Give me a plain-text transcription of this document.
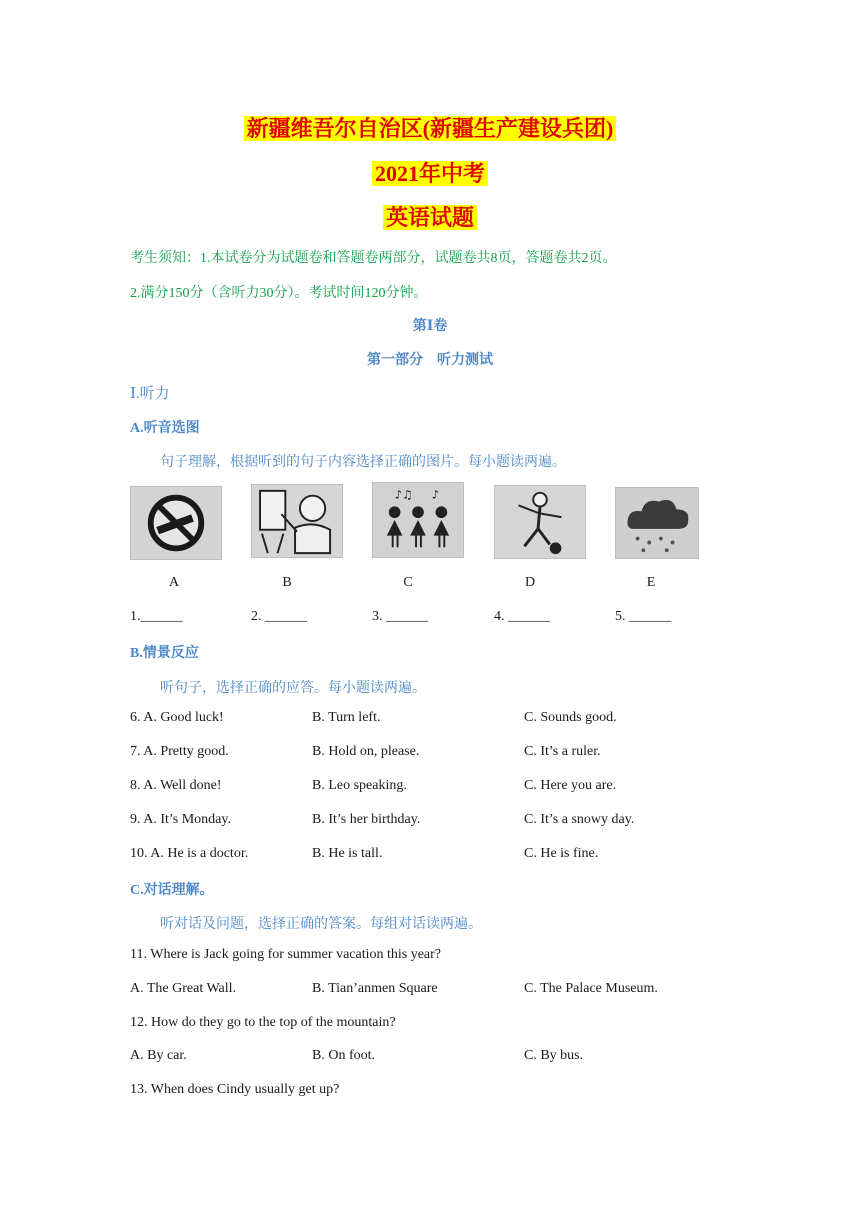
新疆维吾尔自治区(新疆生产建设兵团)
2021年中考
英语试题
考生须知：1.本试卷分为试题卷和答题卷两部分，试题卷共8页，答题卷共2页。
2.满分150分（含听力30分）。考试时间120分钟。
第Ⅰ卷
第一部分　听力测试
Ⅰ.听力
A.听音选图
句子理解，根据听到的句子内容选择正确的图片。每小题读两遍。
♪♫ ♪
A	B	C	D	E
1.______	2. ______	3. ______	4. ______	5. ______
B.情景反应
听句子，选择正确的应答。每小题读两遍。
6. A. Good luck!	B. Turn left.	C. Sounds good.
7. A. Pretty good.	B. Hold on, please.	C. It’s a ruler.
8. A. Well done!	B. Leo speaking.	C. Here you are.
9. A. It’s Monday.	B. It’s her birthday.	C. It’s a snowy day.
10. A. He is a doctor.	B. He is tall.	C. He is fine.
C.对话理解。
听对话及问题，选择正确的答案。每组对话读两遍。
11. Where is Jack going for summer vacation this year?
A. The Great Wall.	B. Tian’anmen Square	C. The Palace Museum.
12. How do they go to the top of the mountain?
A. By car.	B. On foot.	C. By bus.
13. When does Cindy usually get up?
